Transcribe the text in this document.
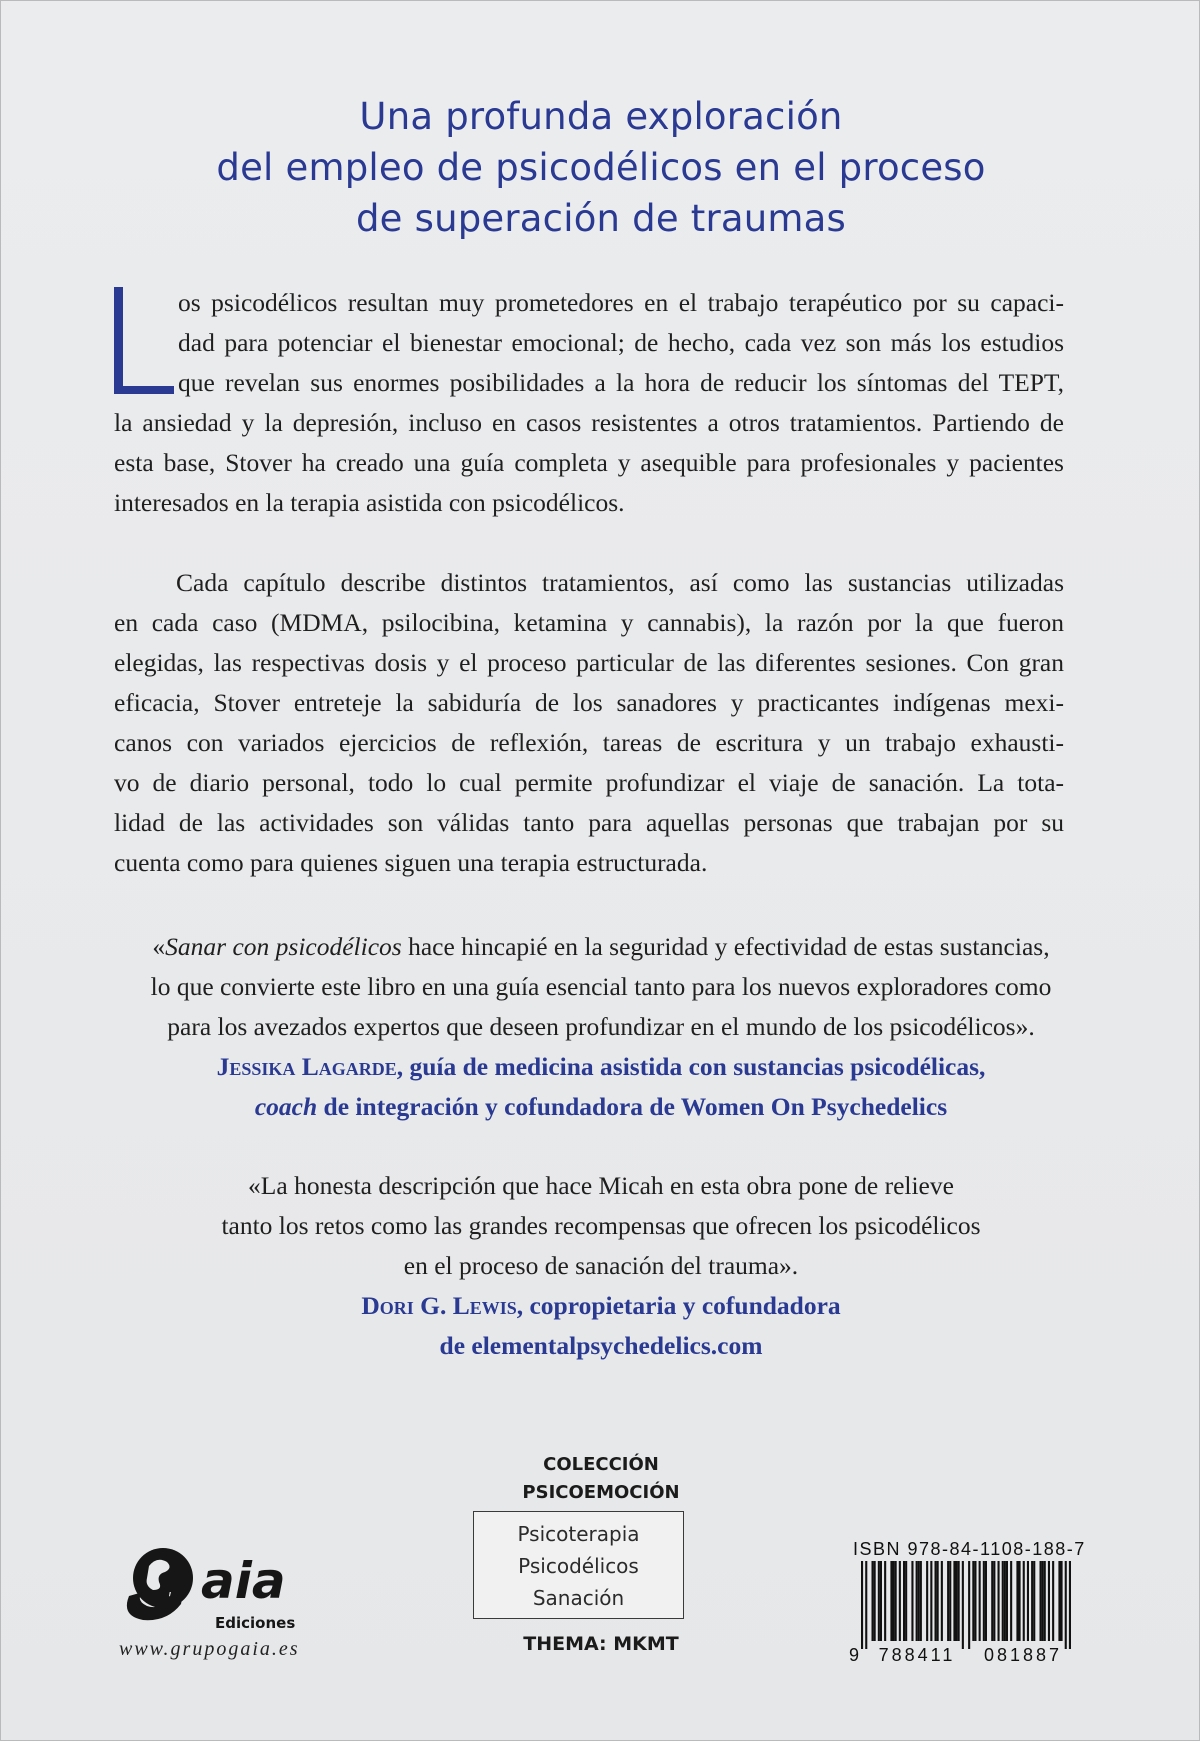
Una profunda exploración
del empleo de psicodélicos en el proceso
de superación de traumas
os psicodélicos resultan muy prometedores en el trabajo terapéutico por su capaci-
dad para potenciar el bienestar emocional; de hecho, cada vez son más los estudios
que revelan sus enormes posibilidades a la hora de reducir los síntomas del TEPT,
la ansiedad y la depresión, incluso en casos resistentes a otros tratamientos. Partiendo de
esta base, Stover ha creado una guía completa y asequible para profesionales y pacientes
interesados en la terapia asistida con psicodélicos.
Cada capítulo describe distintos tratamientos, así como las sustancias utilizadas
en cada caso (MDMA, psilocibina, ketamina y cannabis), la razón por la que fueron
elegidas, las respectivas dosis y el proceso particular de las diferentes sesiones. Con gran
eficacia, Stover entreteje la sabiduría de los sanadores y practicantes indígenas mexi-
canos con variados ejercicios de reflexión, tareas de escritura y un trabajo exhausti-
vo de diario personal, todo lo cual permite profundizar el viaje de sanación. La tota-
lidad de las actividades son válidas tanto para aquellas personas que trabajan por su
cuenta como para quienes siguen una terapia estructurada.
«Sanar con psicodélicos hace hincapié en la seguridad y efectividad de estas sustancias,
lo que convierte este libro en una guía esencial tanto para los nuevos exploradores como
para los avezados expertos que deseen profundizar en el mundo de los psicodélicos».
Jessika Lagarde, guía de medicina asistida con sustancias psicodélicas,
coach de integración y cofundadora de Women On Psychedelics
«La honesta descripción que hace Micah en esta obra pone de relieve
tanto los retos como las grandes recompensas que ofrecen los psicodélicos
en el proceso de sanación del trauma».
Dori G. Lewis, copropietaria y cofundadora
de elementalpsychedelics.com
aia
Ediciones
www.grupogaia.es
COLECCIÓN
PSICOEMOCIÓN
Psicoterapia
Psicodélicos
Sanación
THEMA: MKMT
ISBN 978-84-1108-188-7
9 788411 081887
